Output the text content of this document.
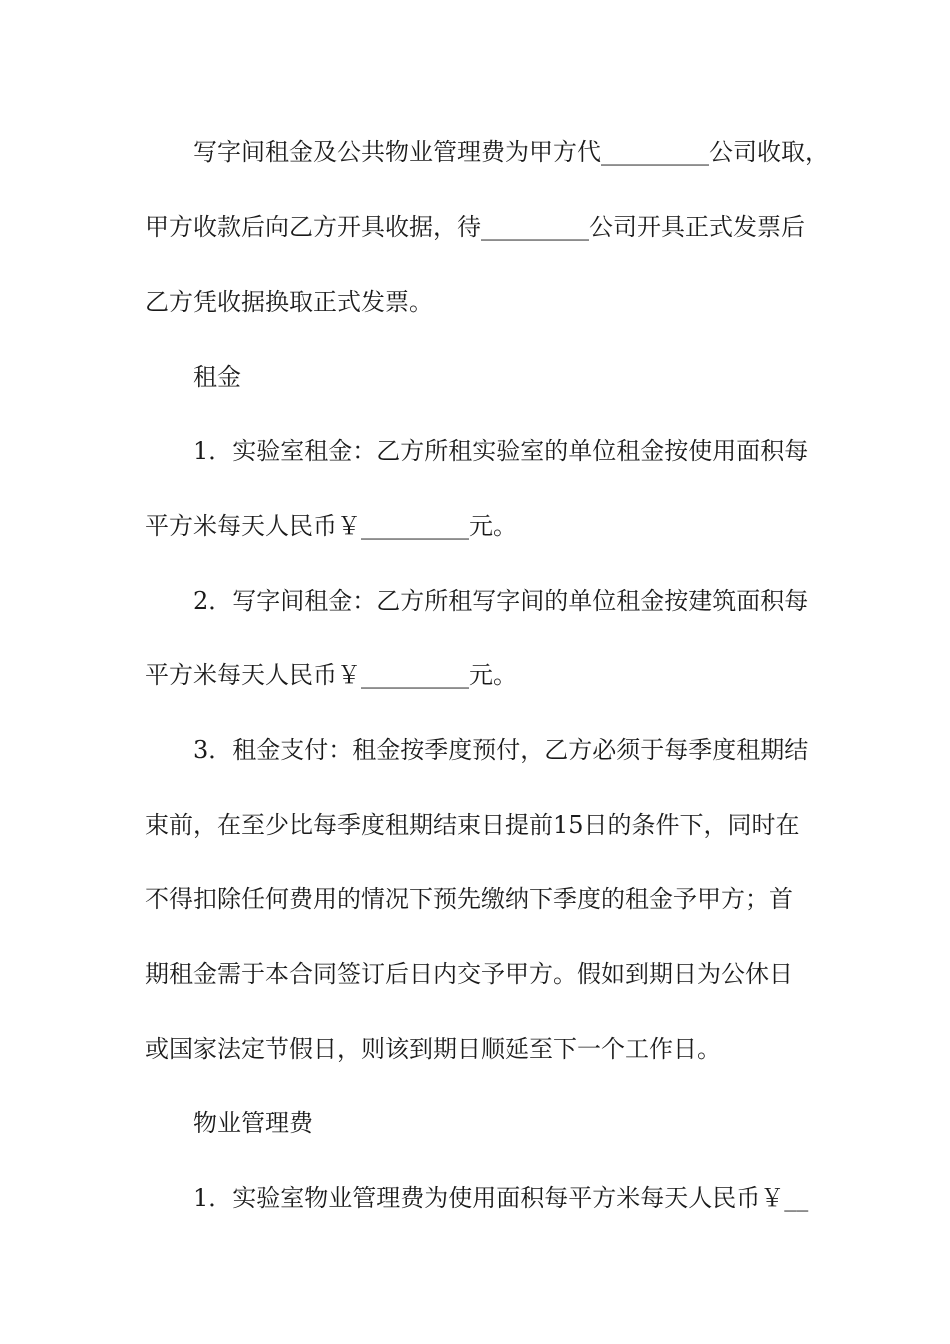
写字间租金及公共物业管理费为甲方代_________公司收取，
甲方收款后向乙方开具收据，待_________公司开具正式发票后
乙方凭收据换取正式发票。
租金
1．实验室租金：乙方所租实验室的单位租金按使用面积每
平方米每天人民币￥_________元。
2．写字间租金：乙方所租写字间的单位租金按建筑面积每
平方米每天人民币￥_________元。
3．租金支付：租金按季度预付，乙方必须于每季度租期结
束前，在至少比每季度租期结束日提前15日的条件下，同时在
不得扣除任何费用的情况下预先缴纳下季度的租金予甲方；首
期租金需于本合同签订后日内交予甲方。假如到期日为公休日
或国家法定节假日，则该到期日顺延至下一个工作日。
物业管理费
1．实验室物业管理费为使用面积每平方米每天人民币￥__
